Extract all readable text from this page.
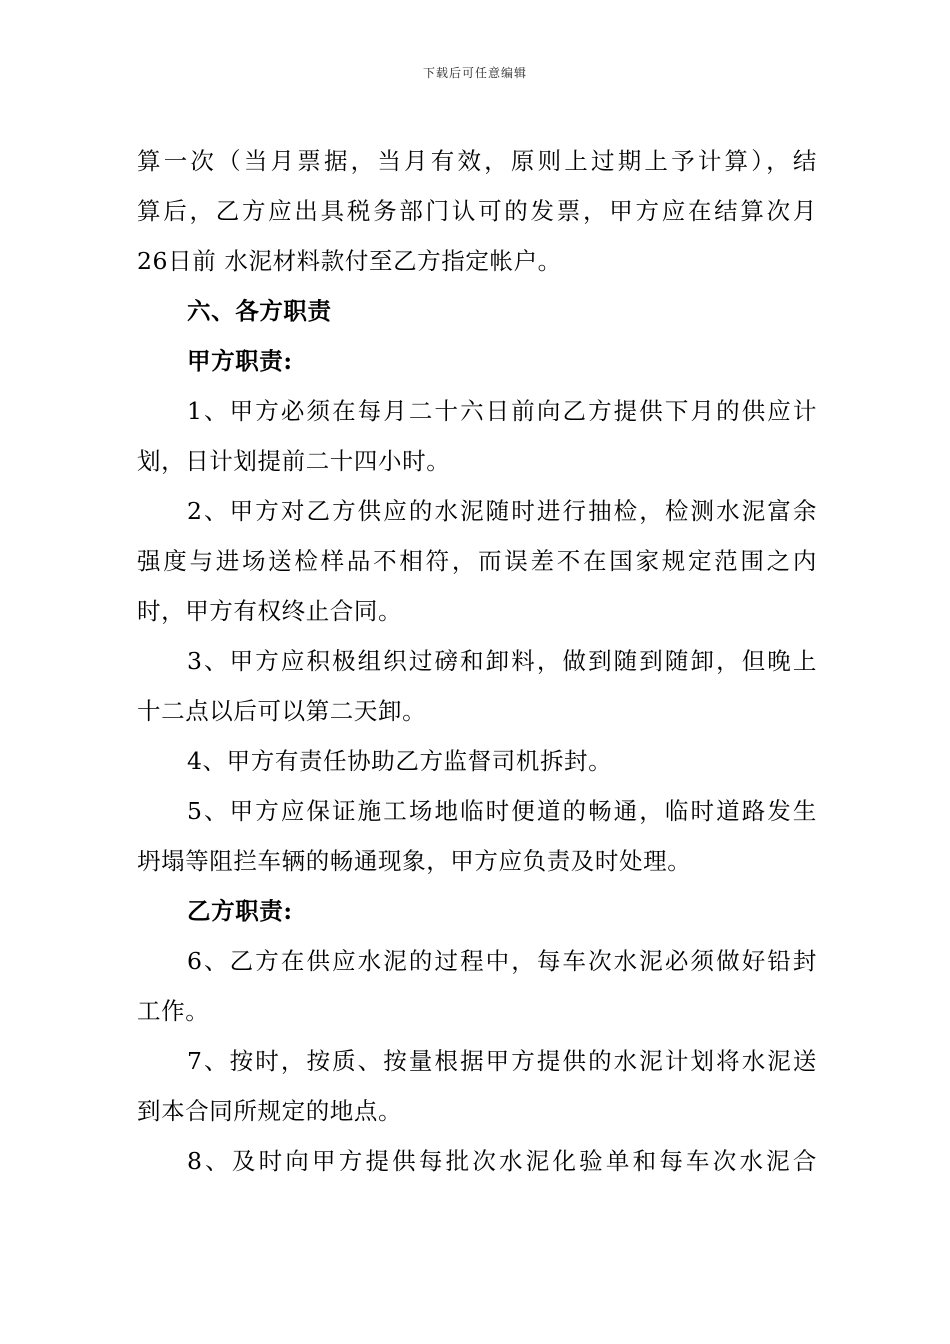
下载后可任意编辑
算一次（当月票据，当月有效，原则上过期上予计算），结
算后，乙方应出具税务部门认可的发票，甲方应在结算次月
26日前 水泥材料款付至乙方指定帐户。
六、各方职责
甲方职责:
1、甲方必须在每月二十六日前向乙方提供下月的供应计
划，日计划提前二十四小时。
2、甲方对乙方供应的水泥随时进行抽检，检测水泥富余
强度与进场送检样品不相符，而误差不在国家规定范围之内
时，甲方有权终止合同。
3、甲方应积极组织过磅和卸料，做到随到随卸，但晚上
十二点以后可以第二天卸。
4、甲方有责任协助乙方监督司机拆封。
5、甲方应保证施工场地临时便道的畅通，临时道路发生
坍塌等阻拦车辆的畅通现象，甲方应负责及时处理。
乙方职责:
6、乙方在供应水泥的过程中，每车次水泥必须做好铅封
工作。
7、按时，按质、按量根据甲方提供的水泥计划将水泥送
到本合同所规定的地点。
8、及时向甲方提供每批次水泥化验单和每车次水泥合
